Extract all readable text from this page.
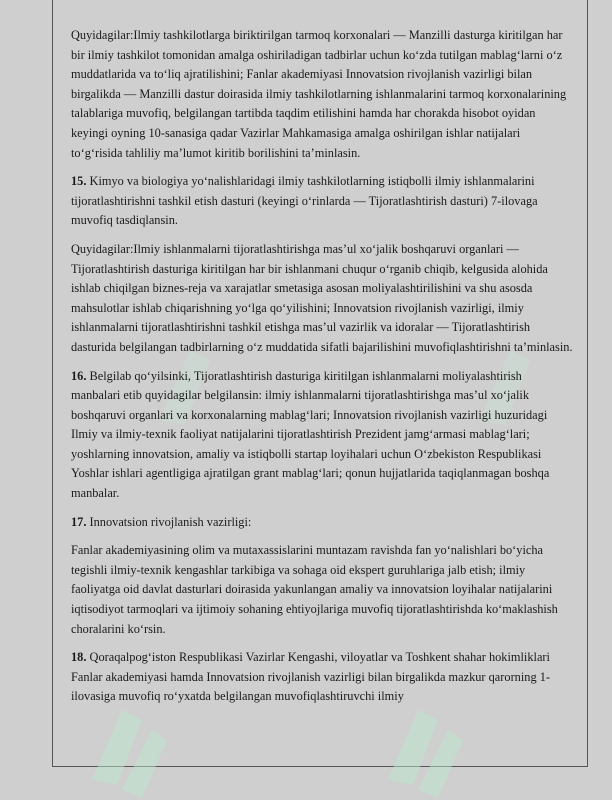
Quyidagilar:Ilmiy tashkilotlarga biriktirilgan tarmoq korxonalari — Manzilli dasturga kiritilgan har bir ilmiy tashkilot tomonidan amalga oshiriladigan tadbirlar uchun ko‘zda tutilgan mablag‘larni o‘z muddatlarida va to‘liq ajratilishini; Fanlar akademiyasi Innovatsion rivojlanish vazirligi bilan birgalikda — Manzilli dastur doirasida ilmiy tashkilotlarning ishlanmalarini tarmoq korxonalarining talablariga muvofiq, belgilangan tartibda taqdim etilishini hamda har chorakda hisobot oyidan keyingi oyning 10-sanasiga qadar Vazirlar Mahkamasiga amalga oshirilgan ishlar natijalari to‘g‘risida tahliliy ma’lumot kiritib borilishini ta’minlasin.

15. Kimyo va biologiya yo‘nalishlaridagi ilmiy tashkilotlarning istiqbolli ilmiy ishlanmalarini tijoratlashtirishni tashkil etish dasturi (keyingi o‘rinlarda — Tijoratlashtirish dasturi) 7-ilovaga muvofiq tasdiqlansin.

Quyidagilar:Ilmiy ishlanmalarni tijoratlashtirishga mas’ul xo‘jalik boshqaruvi organlari — Tijoratlashtirish dasturiga kiritilgan har bir ishlanmani chuqur o‘rganib chiqib, kelgusida alohida ishlab chiqilgan biznes-reja va xarajatlar smetasiga asosan moliyalashtirilishini va shu asosda mahsulotlar ishlab chiqarishning yo‘lga qo‘yilishini; Innovatsion rivojlanish vazirligi, ilmiy ishlanmalarni tijoratlashtirishni tashkil etishga mas’ul vazirlik va idoralar — Tijoratlashtirish dasturida belgilangan tadbirlarning o‘z muddatida sifatli bajarilishini muvofiqlashtirishni ta’minlasin.

16. Belgilab qo‘yilsinki, Tijoratlashtirish dasturiga kiritilgan ishlanmalarni moliyalashtirish manbalari etib quyidagilar belgilansin: ilmiy ishlanmalarni tijoratlashtirishga mas’ul xo‘jalik boshqaruvi organlari va korxonalarning mablag‘lari; Innovatsion rivojlanish vazirligi huzuridagi Ilmiy va ilmiy-texnik faoliyat natijalarini tijoratlashtirish Prezident jamg‘armasi mablag‘lari; yoshlarning innovatsion, amaliy va istiqbolli startap loyihalari uchun O‘zbekiston Respublikasi Yoshlar ishlari agentligiga ajratilgan grant mablag‘lari; qonun hujjatlarida taqiqlanmagan boshqa manbalar.

17. Innovatsion rivojlanish vazirligi:

Fanlar akademiyasining olim va mutaxassislarini muntazam ravishda fan yo‘nalishlari bo‘yicha tegishli ilmiy-texnik kengashlar tarkibiga va sohaga oid ekspert guruhlariga jalb etish; ilmiy faoliyatga oid davlat dasturlari doirasida yakunlangan amaliy va innovatsion loyihalar natijalarini iqtisodiyot tarmoqlari va ijtimoiy sohaning ehtiyojlariga muvofiq tijoratlashtirishda ko‘maklashish choralarini ko‘rsin.

18. Qoraqalpog‘iston Respublikasi Vazirlar Kengashi, viloyatlar va Toshkent shahar hokimliklari Fanlar akademiyasi hamda Innovatsion rivojlanish vazirligi bilan birgalikda mazkur qarorning 1-ilovasiga muvofiq ro‘yxatda belgilangan muvofiqlashtiruvchi ilmiy
